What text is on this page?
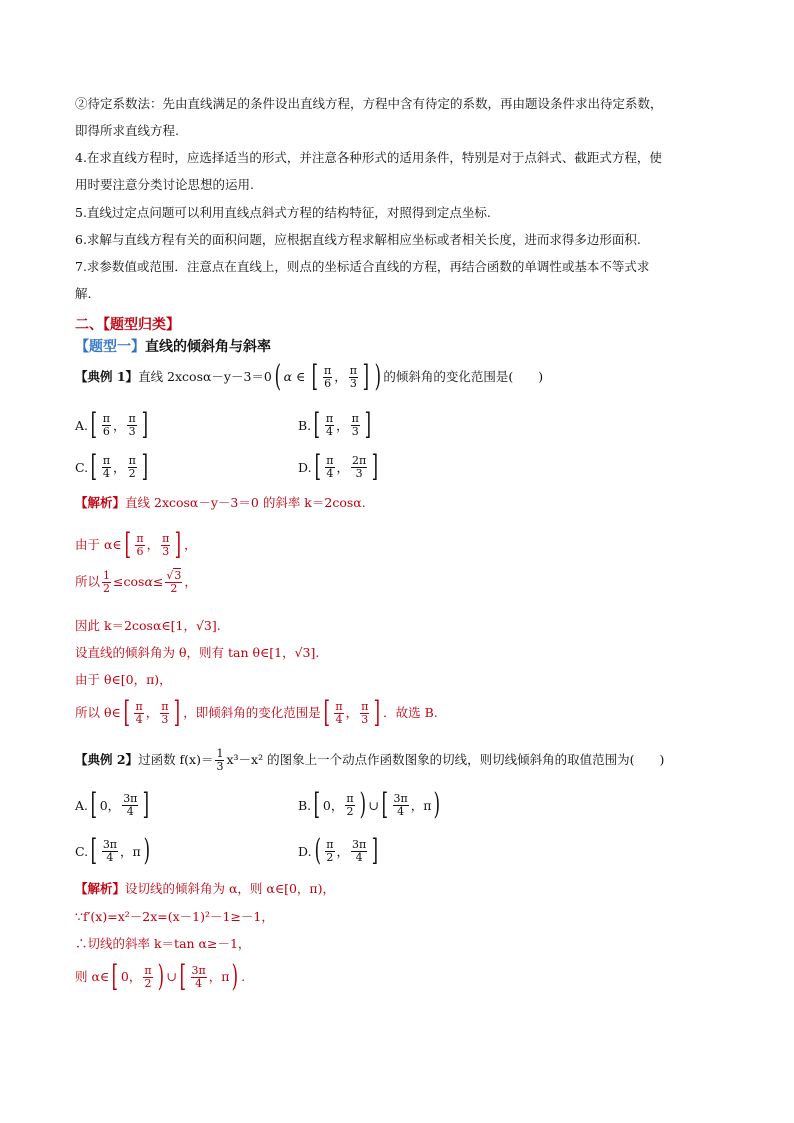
②待定系数法：先由直线满足的条件设出直线方程，方程中含有待定的系数，再由题设条件求出待定系数，
即得所求直线方程.
4.在求直线方程时，应选择适当的形式，并注意各种形式的适用条件，特别是对于点斜式、截距式方程，使
用时要注意分类讨论思想的运用.
5.直线过定点问题可以利用直线点斜式方程的结构特征，对照得到定点坐标.
6.求解与直线方程有关的面积问题，应根据直线方程求解相应坐标或者相关长度，进而求得多边形面积.
7.求参数值或范围．注意点在直线上，则点的坐标适合直线的方程，再结合函数的单调性或基本不等式求
解.
二、【题型归类】
【题型一】直线的倾斜角与斜率
【典例 1】 直线 2xcosα－y－3＝0 ( α ∈ [ $\frac{\pi}{6}$ ， $\frac{\pi}{3}$ ] ) 的倾斜角的变化范围是(　　)
A. [ $\frac{\pi}{6}$ ， $\frac{\pi}{3}$ ]	B. [ $\frac{\pi}{4}$ ， $\frac{\pi}{3}$ ]
C. [ $\frac{\pi}{4}$ ， $\frac{\pi}{2}$ ]	D. [ $\frac{\pi}{4}$ ， $\frac{2\pi}{3}$ ]
【解析】直线 2xcosα－y－3＝0 的斜率 k＝2cosα.
由于 α∈ [ $\frac{\pi}{6}$ ， $\frac{\pi}{3}$ ] ，
所以 $\frac{1}{2} \le\cos$ $\alpha \le \frac{√3}{2}$ ，
因此 k＝2cosα∈[1，√3].
设直线的倾斜角为 θ，则有 tan θ∈[1，√3].
由于 θ∈[0，π)，
所以 θ∈ [ $\frac{\pi}{4}$ ， $\frac{\pi}{3}$ ] ，即倾斜角的变化范围是 [ $\frac{\pi}{4}$ ， $\frac{\pi}{3}$ ] ．故选 B.
【典例 2】 过函数 $f(x)= \frac{1}{3} x^3-x^2$ 的图象上一个动点作函数图象的切线，则切线倾斜角的取值范围为(　　)
A. [ 0， $\frac{3\pi}{4}$ ]	B. [ 0， $\frac{\pi}{2}$ ) ∪ [ $\frac{3\pi}{4}$ ，π )
C. [ $\frac{3\pi}{4}$ ，π )	D. ( $\frac{\pi}{2}$ ， $\frac{3\pi}{4}$ ]
【解析】设切线的倾斜角为 α，则 α∈[0，π)，
∵f′(x)=x²－2x=(x－1)²－1≥－1，
∴切线的斜率 k＝tan α≥－1，
则 α∈ [ 0， $\frac{\pi}{2}$ ) ∪ [ $\frac{3\pi}{4}$ ，π ) .
